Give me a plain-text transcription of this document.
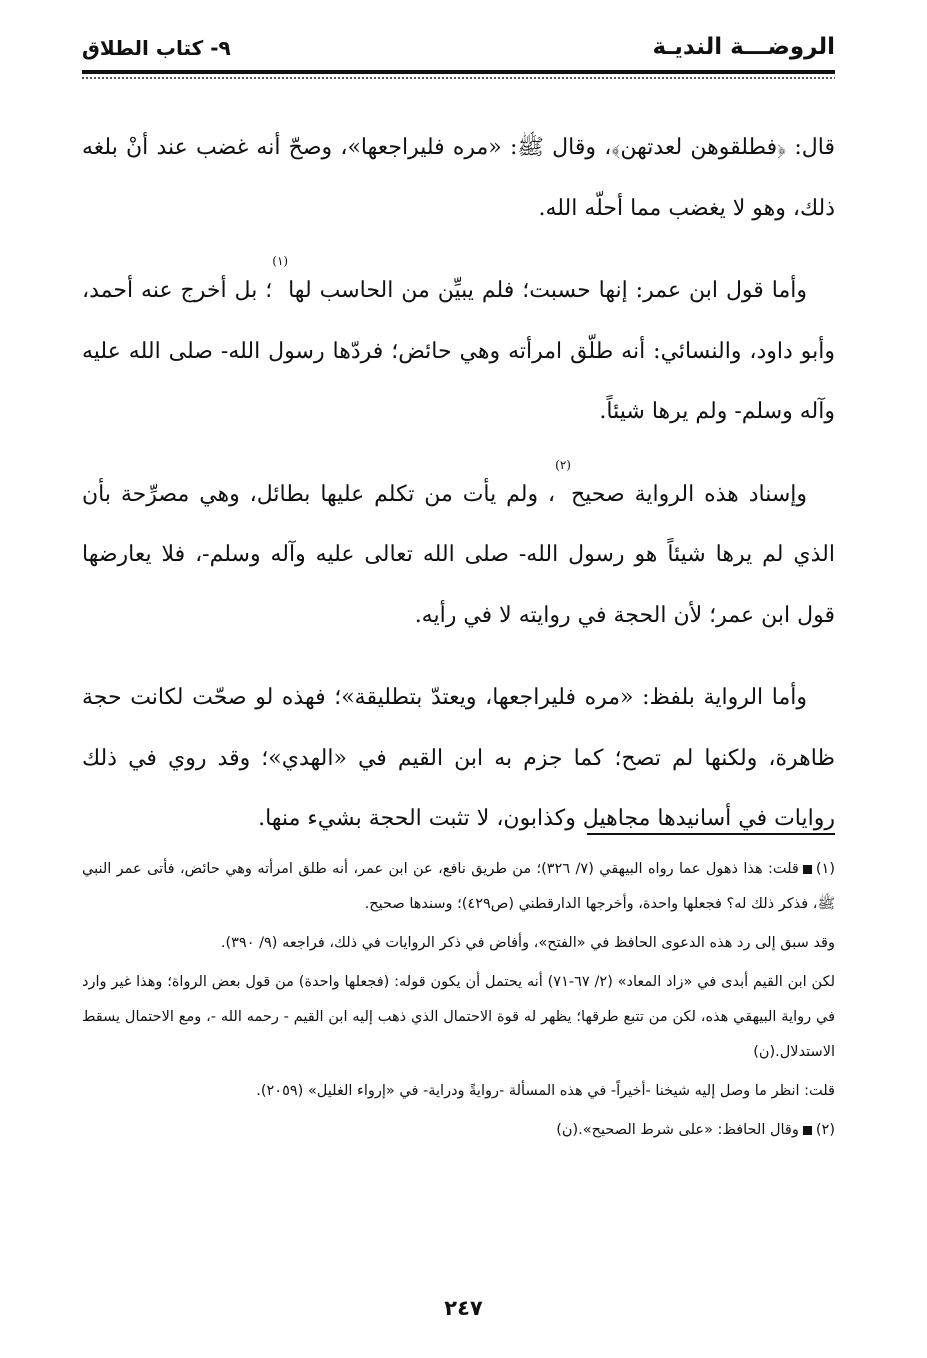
الروضـــة النديـة
٩- كتاب الطلاق

قال: ﴿فطلقوهن لعدتهن﴾، وقال ﷺ: «مره فليراجعها»، وصحّ أنه غضب عند أنْ بلغه ذلك، وهو لا يغضب مما أحلّه الله.

وأما قول ابن عمر: إنها حسبت؛ فلم يبيِّن من الحاسب لها$^{(١)}$؛ بل أخرج عنه أحمد، وأبو داود، والنسائي: أنه طلّق امرأته وهي حائض؛ فردّها رسول الله- صلى الله عليه وآله وسلم- ولم يرها شيئاً.

وإسناد هذه الرواية صحيح$^{(٢)}$، ولم يأت من تكلم عليها بطائل، وهي مصرِّحة بأن الذي لم يرها شيئاً هو رسول الله- صلى الله تعالى عليه وآله وسلم-، فلا يعارضها قول ابن عمر؛ لأن الحجة في روايته لا في رأيه.

وأما الرواية بلفظ: «مره فليراجعها، ويعتدّ بتطليقة»؛ فهذه لو صحّت لكانت حجة ظاهرة، ولكنها لم تصح؛ كما جزم به ابن القيم في «الهدي»؛ وقد روي في ذلك روايات في أسانيدها مجاهيل وكذابون، لا تثبت الحجة بشيء منها.

(١)قلت: هذا ذهول عما رواه البيهقي (٧/ ٣٢٦)؛ من طريق نافع، عن ابن عمر، أنه طلق امرأته وهي حائض، فأتى عمر النبي ﷺ، فذكر ذلك له؟ فجعلها واحدة، وأخرجها الدارقطني (ص٤٢٩)؛ وسندها صحيح.

وقد سبق إلى رد هذه الدعوى الحافظ في «الفتح»، وأفاض في ذكر الروايات في ذلك، فراجعه (٩/ ٣٩٠).

لكن ابن القيم أبدى في «زاد المعاد» (٢/ ٦٧-٧١) أنه يحتمل أن يكون قوله: (فجعلها واحدة) من قول بعض الرواة؛ وهذا غير وارد في رواية البيهقي هذه، لكن من تتبع طرقها؛ يظهر له قوة الاحتمال الذي ذهب إليه ابن القيم - رحمه الله -، ومع الاحتمال يسقط الاستدلال.(ن)

قلت: انظر ما وصل إليه شيخنا -أخيراً- في هذه المسألة -روايةً ودراية- في «إرواء الغليل» (٢٠٥٩).

(٢)وقال الحافظ: «على شرط الصحيح».(ن)

٢٤٧
